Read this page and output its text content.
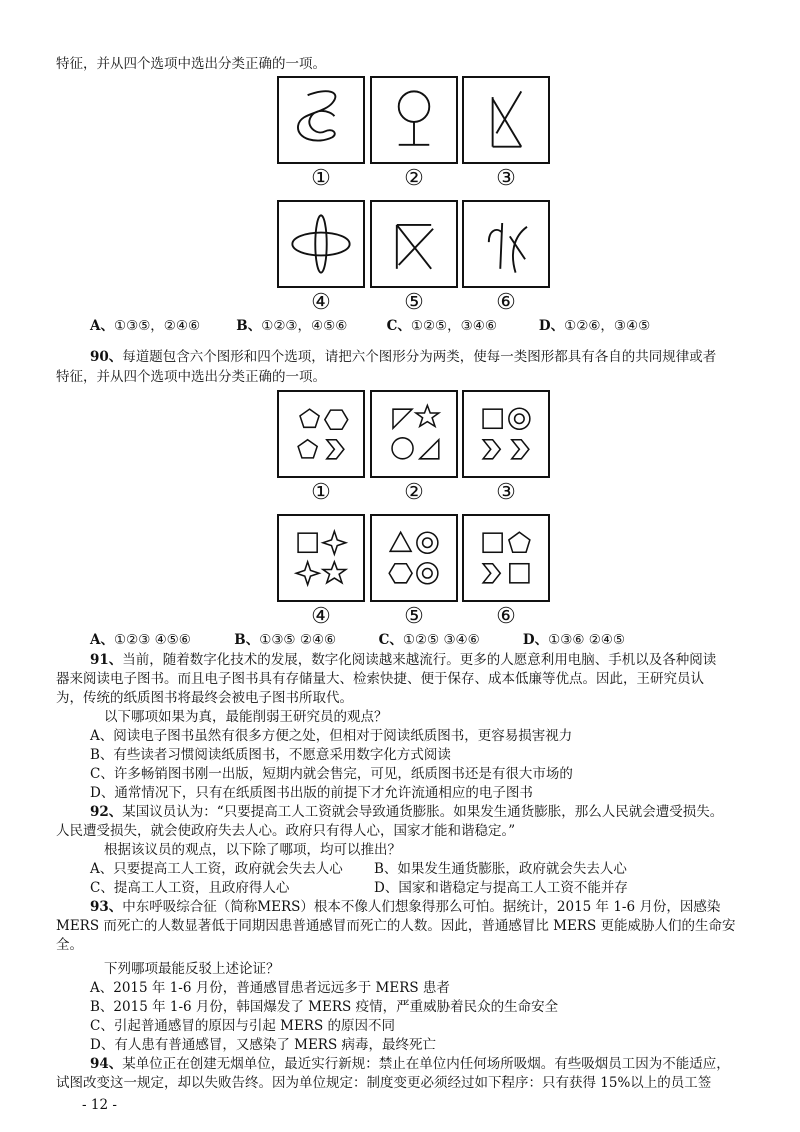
特征，并从四个选项中选出分类正确的一项。
①	②	③
④	⑤	⑥
A、①③⑤，②④⑥	B、①②③，④⑤⑥	C、①②⑤，③④⑥	D、①②⑥，③④⑤
90、每道题包含六个图形和四个选项，请把六个图形分为两类，使每一类图形都具有各自的共同规律或者
特征，并从四个选项中选出分类正确的一项。
①	②	③
④	⑤	⑥
A、①②③ ④⑤⑥	B、①③⑤ ②④⑥	C、①②⑤ ③④⑥	D、①③⑥ ②④⑤
91、当前，随着数字化技术的发展，数字化阅读越来越流行。更多的人愿意利用电脑、手机以及各种阅读
器来阅读电子图书。而且电子图书具有存储量大、检索快捷、便于保存、成本低廉等优点。因此，王研究员认
为，传统的纸质图书将最终会被电子图书所取代。
以下哪项如果为真，最能削弱王研究员的观点？
A、阅读电子图书虽然有很多方便之处，但相对于阅读纸质图书，更容易损害视力
B、有些读者习惯阅读纸质图书，不愿意采用数字化方式阅读
C、许多畅销图书刚一出版，短期内就会售完，可见，纸质图书还是有很大市场的
D、通常情况下，只有在纸质图书出版的前提下才允许流通相应的电子图书
92、某国议员认为：“只要提高工人工资就会导致通货膨胀。如果发生通货膨胀，那么人民就会遭受损失。
人民遭受损失，就会使政府失去人心。政府只有得人心，国家才能和谐稳定。”
根据该议员的观点，以下除了哪项，均可以推出？
A、只要提高工人工资，政府就会失去人心 B、如果发生通货膨胀，政府就会失去人心
C、提高工人工资，且政府得人心	D、国家和谐稳定与提高工人工资不能并存
93、中东呼吸综合征（简称MERS）根本不像人们想象得那么可怕。据统计，2015 年 1-6 月份，因感染
MERS 而死亡的人数显著低于同期因患普通感冒而死亡的人数。因此，普通感冒比 MERS 更能威胁人们的生命安
全。
下列哪项最能反驳上述论证？
A、2015 年 1-6 月份，普通感冒患者远远多于 MERS 患者
B、2015 年 1-6 月份，韩国爆发了 MERS 疫情，严重威胁着民众的生命安全
C、引起普通感冒的原因与引起 MERS 的原因不同
D、有人患有普通感冒，又感染了 MERS 病毒，最终死亡
94、某单位正在创建无烟单位，最近实行新规：禁止在单位内任何场所吸烟。有些吸烟员工因为不能适应，
试图改变这一规定，却以失败告终。因为单位规定：制度变更必须经过如下程序：只有获得 15%以上的员工签
- 12 -
